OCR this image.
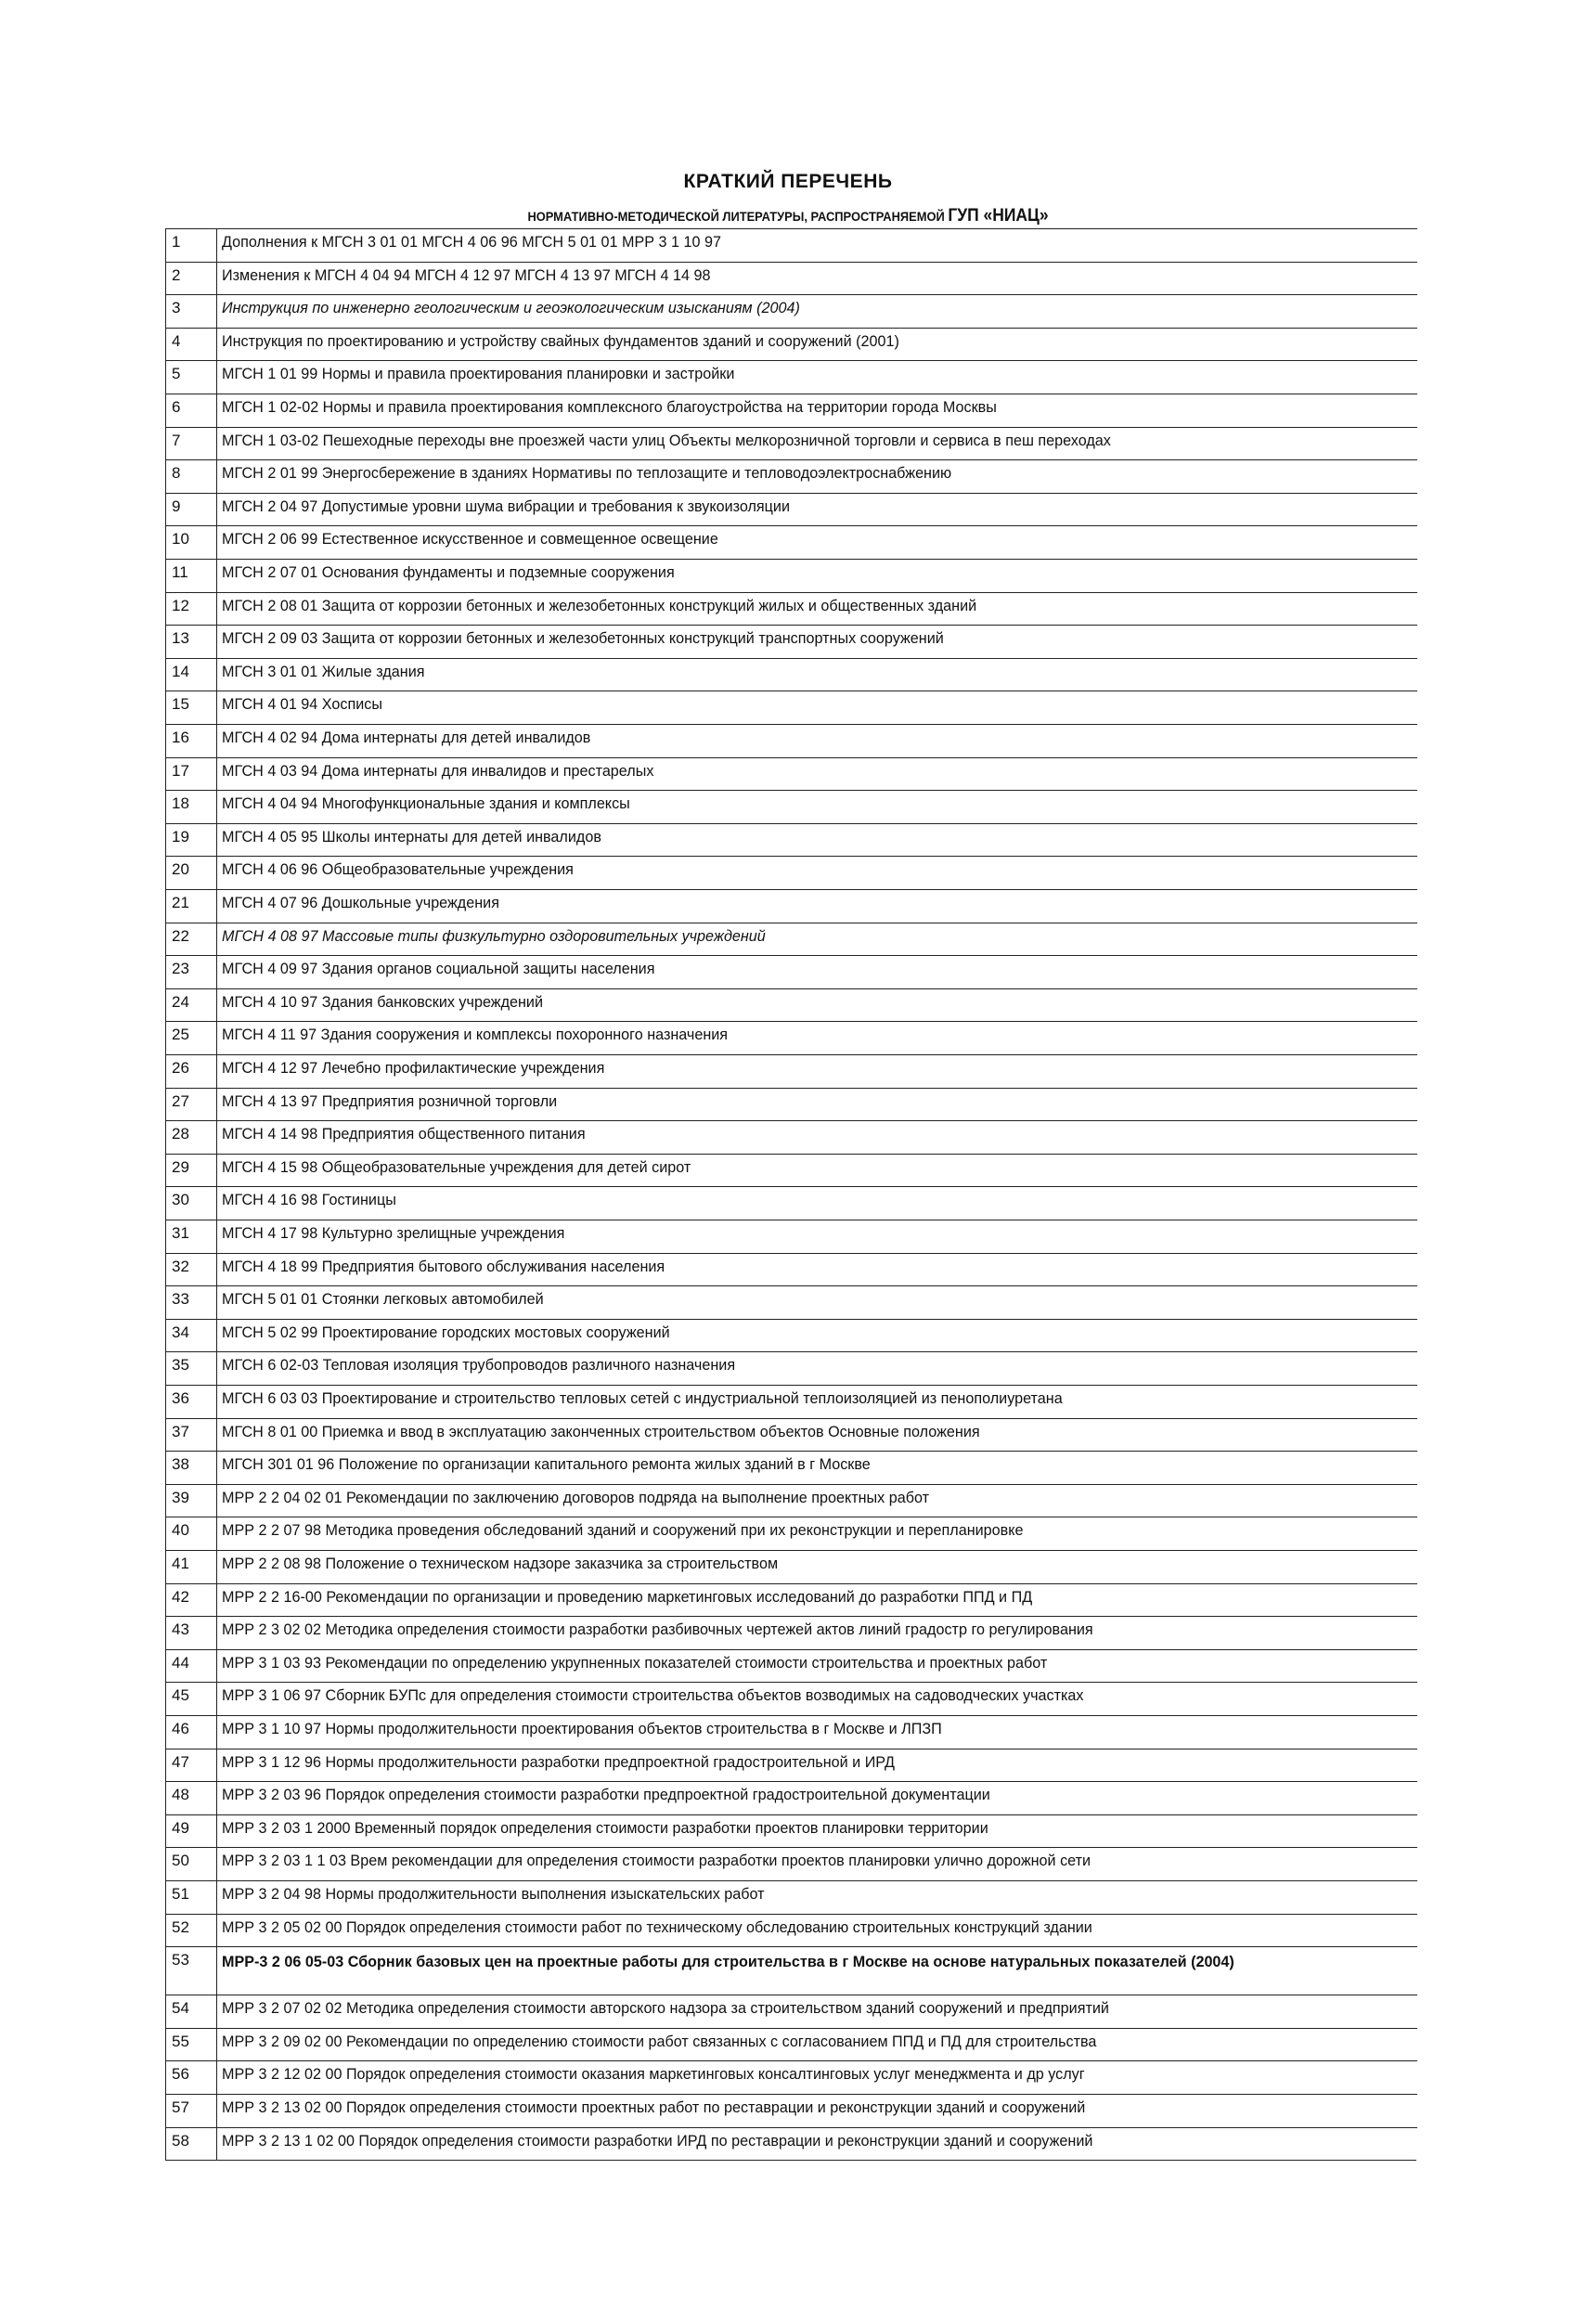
КРАТКИЙ ПЕРЕЧЕНЬ
НОРМАТИВНО-МЕТОДИЧЕСКОЙ ЛИТЕРАТУРЫ, РАСПРОСТРАНЯЕМОЙ ГУП «НИАЦ»
1	Дополнения к МГСН 3 01 01 МГСН 4 06 96 МГСН 5 01 01 МРР 3 1 10 97
2	Изменения к МГСН 4 04 94 МГСН 4 12 97 МГСН 4 13 97 МГСН 4 14 98
3	Инструкция по инженерно геологическим и геоэкологическим изысканиям (2004)
4	Инструкция по проектированию и устройству свайных фундаментов зданий и сооружений (2001)
5	МГСН 1 01 99 Нормы и правила проектирования планировки и застройки
6	МГСН 1 02-02 Нормы и правила проектирования комплексного благоустройства на территории города Москвы
7	МГСН 1 03-02 Пешеходные переходы вне проезжей части улиц Объекты мелкорозничной торговли и сервиса в пеш переходах
8	МГСН 2 01 99 Энергосбережение в зданиях Нормативы по теплозащите и тепловодоэлектроснабжению
9	МГСН 2 04 97 Допустимые уровни шума вибрации и требования к звукоизоляции
10 МГСН 2 06 99 Естественное искусственное и совмещенное освещение
11 МГСН 2 07 01 Основания фундаменты и подземные сооружения
12 МГСН 2 08 01 Защита от коррозии бетонных и железобетонных конструкций жилых и общественных зданий
13 МГСН 2 09 03 Защита от коррозии бетонных и железобетонных конструкций транспортных сооружений
14 МГСН 3 01 01 Жилые здания
15 МГСН 4 01 94 Хосписы
16 МГСН 4 02 94 Дома интернаты для детей инвалидов
17 МГСН 4 03 94 Дома интернаты для инвалидов и престарелых
18 МГСН 4 04 94 Многофункциональные здания и комплексы
19 МГСН 4 05 95 Школы интернаты для детей инвалидов
20 МГСН 4 06 96 Общеобразовательные учреждения
21 МГСН 4 07 96 Дошкольные учреждения
22 МГСН 4 08 97 Массовые типы физкультурно оздоровительных учреждений
23 МГСН 4 09 97 Здания органов социальной защиты населения
24 МГСН 4 10 97 Здания банковских учреждений
25 МГСН 4 11 97 Здания сооружения и комплексы похоронного назначения
26 МГСН 4 12 97 Лечебно профилактические учреждения
27 МГСН 4 13 97 Предприятия розничной торговли
28 МГСН 4 14 98 Предприятия общественного питания
29 МГСН 4 15 98 Общеобразовательные учреждения для детей сирот
30 МГСН 4 16 98 Гостиницы
31 МГСН 4 17 98 Культурно зрелищные учреждения
32 МГСН 4 18 99 Предприятия бытового обслуживания населения
33 МГСН 5 01 01 Стоянки легковых автомобилей
34 МГСН 5 02 99 Проектирование городских мостовых сооружений
35 МГСН 6 02-03 Тепловая изоляция трубопроводов различного назначения
36 МГСН 6 03 03 Проектирование и строительство тепловых сетей с индустриальной теплоизоляцией из пенополиуретана
37 МГСН 8 01 00 Приемка и ввод в эксплуатацию законченных строительством объектов Основные положения
38 МГСН 301 01 96 Положение по организации капитального ремонта жилых зданий в г Москве
39 МРР 2 2 04 02 01 Рекомендации по заключению договоров подряда на выполнение проектных работ
40 МРР 2 2 07 98 Методика проведения обследований зданий и сооружений при их реконструкции и перепланировке
41 МРР 2 2 08 98 Положение о техническом надзоре заказчика за строительством
42 МРР 2 2 16-00 Рекомендации по организации и проведению маркетинговых исследований до разработки ППД и ПД
43 МРР 2 3 02 02 Методика определения стоимости разработки разбивочных чертежей актов линий градостр го регулирования
44 МРР 3 1 03 93 Рекомендации по определению укрупненных показателей стоимости строительства и проектных работ
45 МРР 3 1 06 97 Сборник БУПс для определения стоимости строительства объектов возводимых на садоводческих участках
46 МРР 3 1 10 97 Нормы продолжительности проектирования объектов строительства в г Москве и ЛПЗП
47 МРР 3 1 12 96 Нормы продолжительности разработки предпроектной градостроительной и ИРД
48 МРР 3 2 03 96 Порядок определения стоимости разработки предпроектной градостроительной документации
49 МРР 3 2 03 1 2000 Временный порядок определения стоимости разработки проектов планировки территории
50 МРР 3 2 03 1 1 03 Врем рекомендации для определения стоимости разработки проектов планировки улично дорожной сети
51 МРР 3 2 04 98 Нормы продолжительности выполнения изыскательских работ
52 МРР 3 2 05 02 00 Порядок определения стоимости работ по техническому обследованию строительных конструкций здании
53 МРР-3 2 06 05-03 Сборник базовых цен на проектные работы для строительства в г Москве на основе натуральных показателей (2004)
54 МРР 3 2 07 02 02 Методика определения стоимости авторского надзора за строительством зданий сооружений и предприятий
55 МРР 3 2 09 02 00 Рекомендации по определению стоимости работ связанных с согласованием ППД и ПД для строительства
56 МРР 3 2 12 02 00 Порядок определения стоимости оказания маркетинговых консалтинговых услуг менеджмента и др услуг
57 МРР 3 2 13 02 00 Порядок определения стоимости проектных работ по реставрации и реконструкции зданий и сооружений
58 МРР 3 2 13 1 02 00 Порядок определения стоимости разработки ИРД по реставрации и реконструкции зданий и сооружений
